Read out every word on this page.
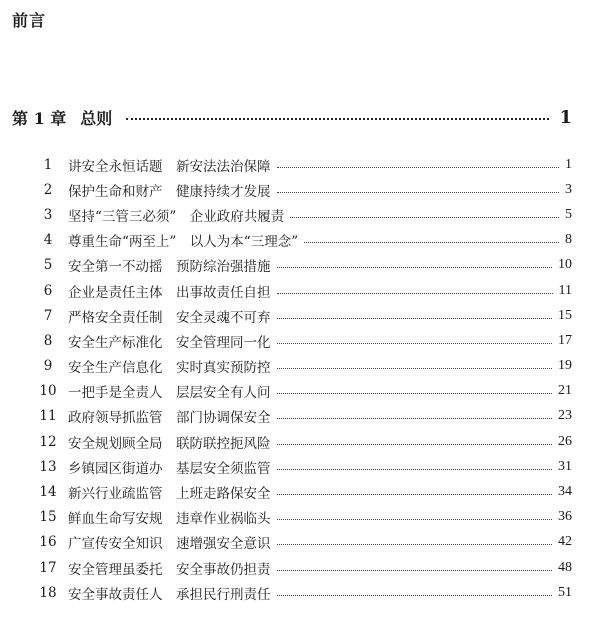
前言
第 1 章 总则	1
1	讲安全永恒话题　新安法法治保障	1
2	保护生命和财产　健康持续才发展	3
3	坚持“三管三必须”　企业政府共履责	5
4	尊重生命“两至上”　以人为本“三理念”	8
5	安全第一不动摇　预防综治强措施	10
6	企业是责任主体　出事故责任自担	11
7	严格安全责任制　安全灵魂不可弃	15
8	安全生产标准化　安全管理同一化	17
9	安全生产信息化　实时真实预防控	19
10 一把手是全责人　层层安全有人问	21
11 政府领导抓监管　部门协调保安全	23
12 安全规划顾全局　联防联控扼风险	26
13 乡镇园区街道办　基层安全须监管	31
14 新兴行业疏监管　上班走路保安全	34
15 鲜血生命写安规　违章作业祸临头	36
16 广宣传安全知识　速增强安全意识	42
17 安全管理虽委托　安全事故仍担责	48
18 安全事故责任人　承担民行刑责任	51
